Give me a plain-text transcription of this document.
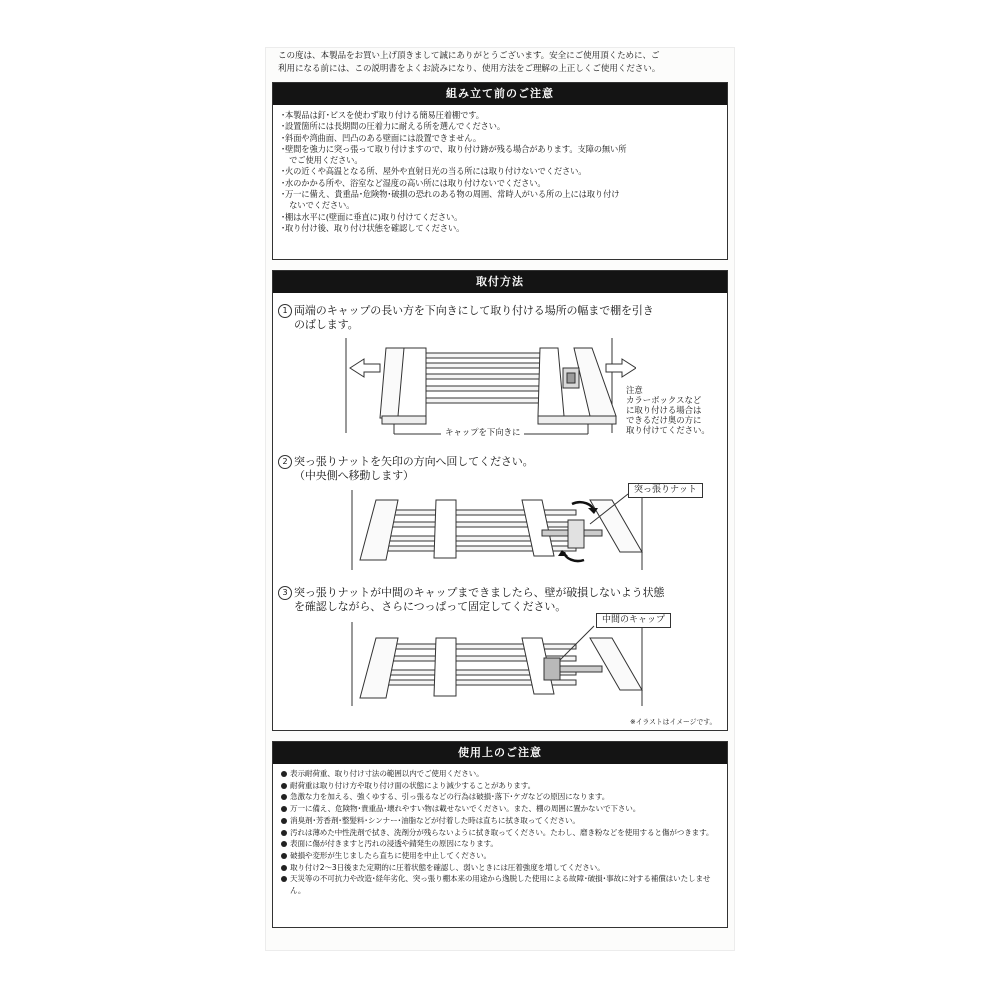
この度は、本製品をお買い上げ頂きまして誠にありがとうございます。安全にご使用頂くために、ご

利用になる前には、この説明書をよくお読みになり、使用方法をご理解の上正しくご使用ください。

組み立て前のご注意
･本製品は釘･ビスを使わず取り付ける簡易圧着棚です。
･設置箇所には長期間の圧着力に耐える所を選んでください。
･斜面や湾曲面、凹凸のある壁面には設置できません。
･壁間を強力に突っ張って取り付けますので、取り付け跡が残る場合があります。支障の無い所
　でご使用ください。
･火の近くや高温となる所、屋外や直射日光の当る所には取り付けないでください。
･水のかかる所や、浴室など湿度の高い所には取り付けないでください。
･万一に備え、貴重品･危険物･破損の恐れのある物の周囲、常時人がいる所の上には取り付け
　ないでください。
･棚は水平に(壁面に垂直に)取り付けてください。
･取り付け後、取り付け状態を確認してください。
取付方法
1 両端のキャップの長い方を下向きにして取り付ける場所の幅まで棚を引き
のばします。
キャップを下向きに
注意
カラーボックスなど
に取り付ける場合は
できるだけ奥の方に
取り付けてください。
2 突っ張りナットを矢印の方向へ回してください。
（中央側へ移動します）
突っ張りナット
3 突っ張りナットが中間のキャップまできましたら、壁が破損しないよう状態
を確認しながら、さらにつっぱって固定してください。
中間のキャップ
※イラストはイメージです。
使用上のご注意
表示耐荷重、取り付け寸法の範囲以内でご使用ください。
耐荷重は取り付け方や取り付け面の状態により減少することがあります。
急激な力を加える、強くゆする、引っ張るなどの行為は破損･落下･ケガなどの原因になります。
万一に備え、危険物･貴重品･壊れやすい物は載せないでください。また、棚の周囲に置かないで下さい。
消臭剤･芳香剤･整髪料･シンナー･油脂などが付着した時は直ちに拭き取ってください。
汚れは薄めた中性洗剤で拭き、洗剤分が残らないように拭き取ってください。たわし、磨き粉などを使用すると傷がつきます。
表面に傷が付きますと汚れの浸透や錆発生の原因になります。
破損や変形が生じましたら直ちに使用を中止してください。
取り付け2～3日後また定期的に圧着状態を確認し、弱いときには圧着強度を増してください。
天災等の不可抗力や改造･経年劣化、突っ張り棚本来の用途から逸脱した使用による故障･破損･事故に対する補償はいたしません。
